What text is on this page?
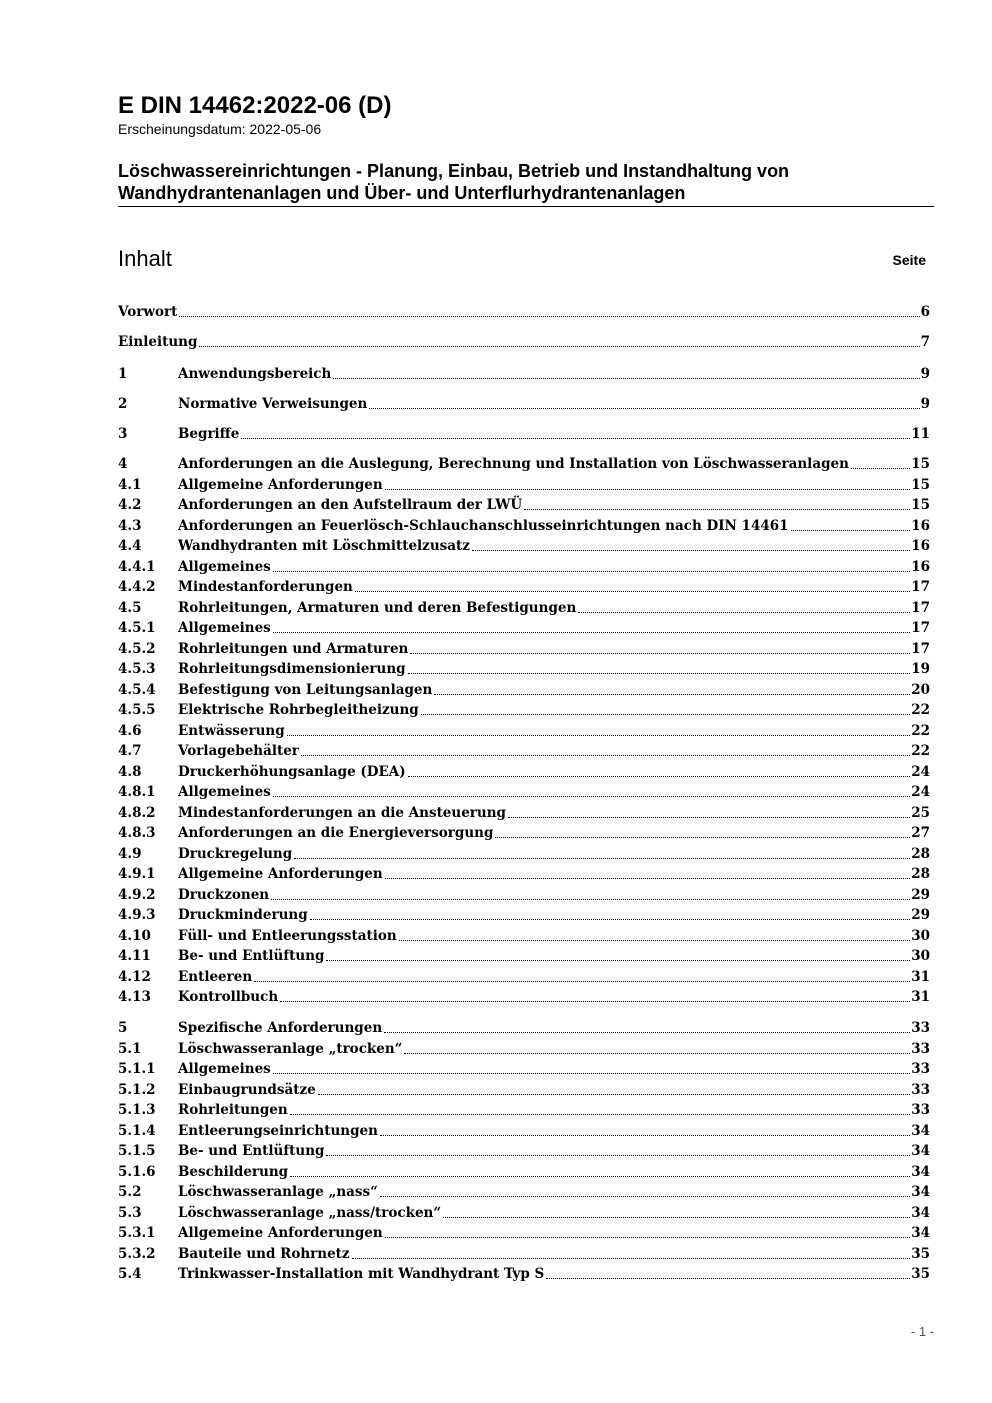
E DIN 14462:2022-06 (D)
Erscheinungsdatum: 2022-05-06
Löschwassereinrichtungen - Planung, Einbau, Betrieb und Instandhaltung von
Wandhydrantenanlagen und Über- und Unterflurhydrantenanlagen
Inhalt	Seite
Vorwort	6
Einleitung	7
1	Anwendungsbereich	9
2	Normative Verweisungen	9
3	Begriffe	11
4	Anforderungen an die Auslegung, Berechnung und Installation von Löschwasseranlagen	15
4.1	Allgemeine Anforderungen	15
4.2	Anforderungen an den Aufstellraum der LWÜ	15
4.3	Anforderungen an Feuerlösch-Schlauchanschlusseinrichtungen nach DIN 14461	16
4.4	Wandhydranten mit Löschmittelzusatz	16
4.4.1 Allgemeines	16
4.4.2 Mindestanforderungen	17
4.5	Rohrleitungen, Armaturen und deren Befestigungen	17
4.5.1 Allgemeines	17
4.5.2 Rohrleitungen und Armaturen	17
4.5.3 Rohrleitungsdimensionierung	19
4.5.4 Befestigung von Leitungsanlagen	20
4.5.5 Elektrische Rohrbegleitheizung	22
4.6	Entwässerung	22
4.7	Vorlagebehälter	22
4.8	Druckerhöhungsanlage (DEA)	24
4.8.1 Allgemeines	24
4.8.2 Mindestanforderungen an die Ansteuerung	25
4.8.3 Anforderungen an die Energieversorgung	27
4.9	Druckregelung	28
4.9.1 Allgemeine Anforderungen	28
4.9.2 Druckzonen	29
4.9.3 Druckminderung	29
4.10 Füll- und Entleerungsstation	30
4.11 Be- und Entlüftung	30
4.12 Entleeren	31
4.13 Kontrollbuch	31
5	Spezifische Anforderungen	33
5.1	Löschwasseranlage „trocken“	33
5.1.1 Allgemeines	33
5.1.2 Einbaugrundsätze	33
5.1.3 Rohrleitungen	33
5.1.4 Entleerungseinrichtungen	34
5.1.5 Be- und Entlüftung	34
5.1.6 Beschilderung	34
5.2	Löschwasseranlage „nass“	34
5.3	Löschwasseranlage „nass/trocken“	34
5.3.1 Allgemeine Anforderungen	34
5.3.2 Bauteile und Rohrnetz	35
5.4	Trinkwasser-Installation mit Wandhydrant Typ S	35
- 1 -
